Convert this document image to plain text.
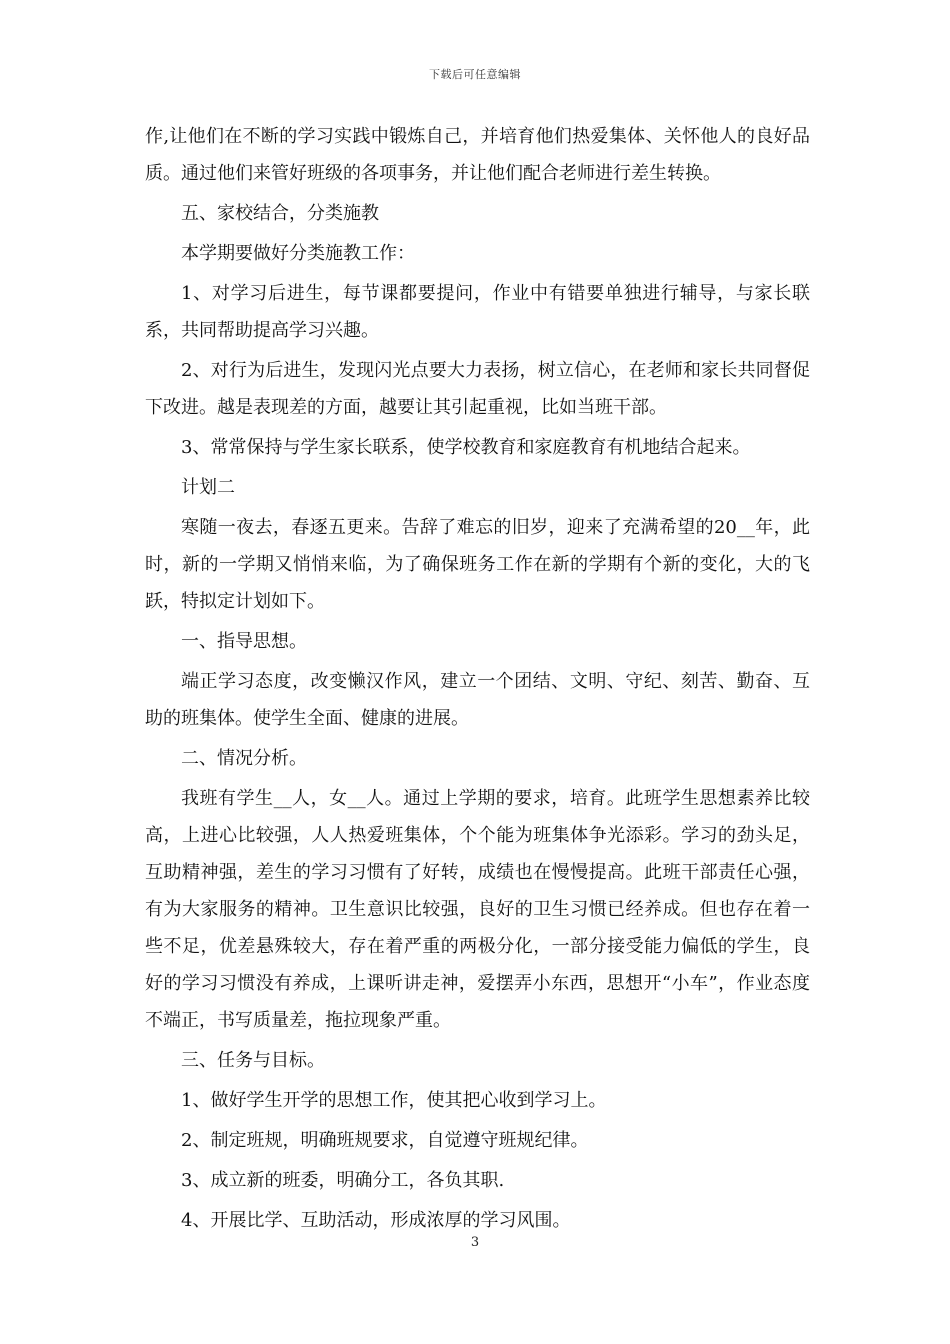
下载后可任意编辑

作,让他们在不断的学习实践中锻炼自己，并培育他们热爱集体、关怀他人的良好品质。通过他们来管好班级的各项事务，并让他们配合老师进行差生转换。

五、家校结合，分类施教

本学期要做好分类施教工作：

1、对学习后进生，每节课都要提问，作业中有错要单独进行辅导，与家长联系，共同帮助提高学习兴趣。

2、对行为后进生，发现闪光点要大力表扬，树立信心，在老师和家长共同督促下改进。越是表现差的方面，越要让其引起重视，比如当班干部。

3、常常保持与学生家长联系，使学校教育和家庭教育有机地结合起来。

计划二

寒随一夜去，春逐五更来。告辞了难忘的旧岁，迎来了充满希望的20__年，此时，新的一学期又悄悄来临，为了确保班务工作在新的学期有个新的变化，大的飞跃，特拟定计划如下。

一、指导思想。

端正学习态度，改变懒汉作风，建立一个团结、文明、守纪、刻苦、勤奋、互助的班集体。使学生全面、健康的进展。

二、情况分析。

我班有学生__人，女__人。通过上学期的要求，培育。此班学生思想素养比较高，上进心比较强，人人热爱班集体，个个能为班集体争光添彩。学习的劲头足，互助精神强，差生的学习习惯有了好转，成绩也在慢慢提高。此班干部责任心强，有为大家服务的精神。卫生意识比较强，良好的卫生习惯已经养成。但也存在着一些不足，优差悬殊较大，存在着严重的两极分化，一部分接受能力偏低的学生，良好的学习习惯没有养成，上课听讲走神，爱摆弄小东西，思想开“小车”，作业态度不端正，书写质量差，拖拉现象严重。

三、任务与目标。

1、做好学生开学的思想工作，使其把心收到学习上。

2、制定班规，明确班规要求，自觉遵守班规纪律。

3、成立新的班委，明确分工，各负其职.

4、开展比学、互助活动，形成浓厚的学习风围。

3
